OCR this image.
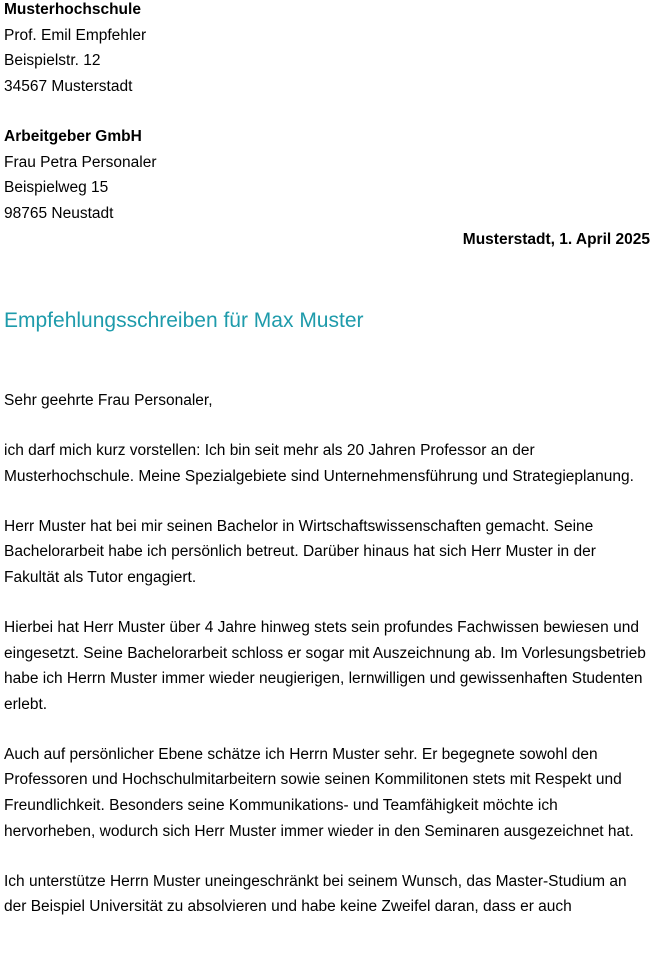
Musterhochschule

Prof. Emil Empfehler

Beispielstr. 12

34567 Musterstadt

Arbeitgeber GmbH

Frau Petra Personaler

Beispielweg 15

98765 Neustadt

Musterstadt, 1. April 2025
Empfehlungsschreiben für Max Muster

Sehr geehrte Frau Personaler,

ich darf mich kurz vorstellen: Ich bin seit mehr als 20 Jahren Professor an der Musterhochschule. Meine Spezialgebiete sind Unternehmensführung und Strategieplanung.

Herr Muster hat bei mir seinen Bachelor in Wirtschaftswissenschaften gemacht. Seine Bachelorarbeit habe ich persönlich betreut. Darüber hinaus hat sich Herr Muster in der Fakultät als Tutor engagiert.

Hierbei hat Herr Muster über 4 Jahre hinweg stets sein profundes Fachwissen bewiesen und eingesetzt. Seine Bachelorarbeit schloss er sogar mit Auszeichnung ab. Im Vorlesungsbetrieb habe ich Herrn Muster immer wieder neugierigen, lernwilligen und gewissenhaften Studenten erlebt.

Auch auf persönlicher Ebene schätze ich Herrn Muster sehr. Er begegnete sowohl den Professoren und Hochschulmitarbeitern sowie seinen Kommilitonen stets mit Respekt und Freundlichkeit. Besonders seine Kommunikations- und Teamfähigkeit möchte ich hervorheben, wodurch sich Herr Muster immer wieder in den Seminaren ausgezeichnet hat.

Ich unterstütze Herrn Muster uneingeschränkt bei seinem Wunsch, das Master-Studium an der Beispiel Universität zu absolvieren und habe keine Zweifel daran, dass er auch
